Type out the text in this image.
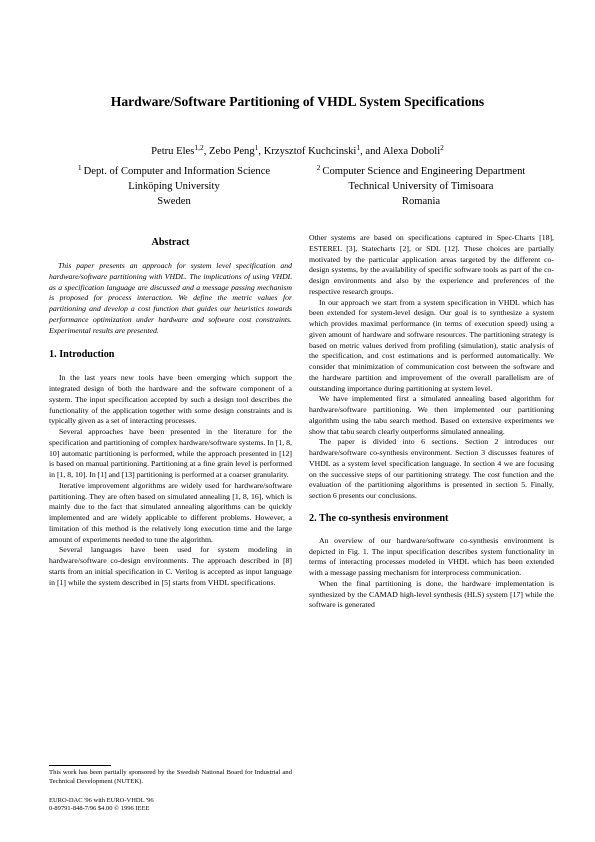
Hardware/Software Partitioning of VHDL System Specifications
Petru Eles$^{1,2}$, Zebo Peng$^1$, Krzysztof Kuchcinski$^1$, and Alexa Doboli$^2$
$^1$ Dept. of Computer and Information Science
Linköping University
Sweden
$^2$ Computer Science and Engineering Department
Technical University of Timisoara
Romania
Abstract

This paper presents an approach for system level specification and hardware/software partitioning with VHDL. The implications of using VHDL as a specification language are discussed and a message passing mechanism is proposed for process interaction. We define the metric values for partitioning and develop a cost function that guides our heuristics towards performance optimization under hardware and software cost constraints. Experimental results are presented.

1. Introduction

In the last years new tools have been emerging which support the integrated design of both the hardware and the software component of a system. The input specification accepted by such a design tool describes the functionality of the application together with some design constraints and is typically given as a set of interacting processes.

Several approaches have been presented in the literature for the specification and partitioning of complex hardware/software systems. In [1, 8, 10] automatic partitioning is performed, while the approach presented in [12] is based on manual partitioning. Partitioning at a fine grain level is performed in [1, 8, 10]. In [1] and [13] partitioning is performed at a coarser granularity.

Iterative improvement algorithms are widely used for hardware/software partitioning. They are often based on simulated annealing [1, 8, 16], which is mainly due to the fact that simulated annealing algorithms can be quickly implemented and are widely applicable to different problems. However, a limitation of this method is the relatively long execution time and the large amount of experiments needed to tune the algorithm.

Several languages have been used for system modeling in hardware/software co-design environments. The approach described in [8] starts from an initial specification in C. Verilog is accepted as input language in [1] while the system described in [5] starts from VHDL specifications.

Other systems are based on specifications captured in Spec-Charts [18], ESTEREL [3], Statecharts [2], or SDL [12]. These choices are partially motivated by the particular application areas targeted by the different co-design systems, by the availability of specific software tools as part of the co-design environments and also by the experience and preferences of the respective research groups.

In our approach we start from a system specification in VHDL which has been extended for system-level design. Our goal is to synthesize a system which provides maximal performance (in terms of execution speed) using a given amount of hardware and software resources. The partitioning strategy is based on metric values derived from profiling (simulation), static analysis of the specification, and cost estimations and is performed automatically. We consider that minimization of communication cost between the software and the hardware partition and improvement of the overall parallelism are of outstanding importance during partitioning at system level.

We have implemented first a simulated annealing based algorithm for hardware/software partitioning. We then implemented our partitioning algorithm using the tabu search method. Based on extensive experiments we show that tabu search clearly outperforms simulated annealing.

The paper is divided into 6 sections. Section 2 introduces our hardware/software co-synthesis environment. Section 3 discusses features of VHDL as a system level specification language. In section 4 we are focusing on the successive steps of our partitioning strategy. The cost function and the evaluation of the partitioning algorithms is presented in section 5. Finally, section 6 presents our conclusions.

2. The co-synthesis environment

An overview of our hardware/software co-synthesis environment is depicted in Fig. 1. The input specification describes system functionality in terms of interacting processes modeled in VHDL which has been extended with a message passing mechanism for interprocess communication.

When the final partitioning is done, the hardware implementation is synthesized by the CAMAD high-level synthesis (HLS) system [17] while the software is generated

This work has been partially sponsored by the Swedish National Board for Industrial and Technical Development (NUTEK).
EURO-DAC '96 with EURO-VHDL '96
0-89791-848-7/96 $4.00 © 1996 IEEE
